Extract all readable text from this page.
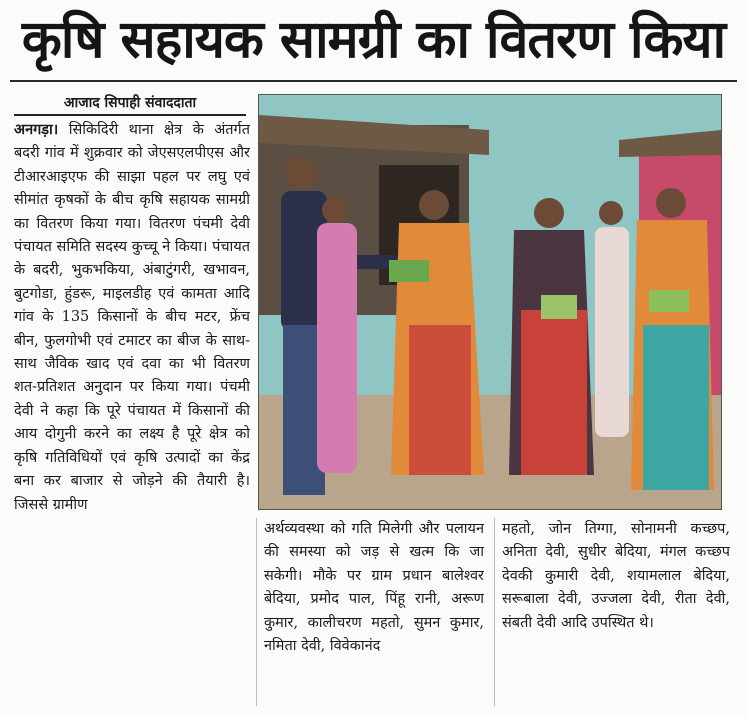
कृषि सहायक सामग्री का वितरण किया
आजाद सिपाही संवाददाता
अनगड़ा। सिकिदिरी थाना क्षेत्र के अंतर्गत बदरी गांव में शुक्रवार को जेएसएलपीएस और टीआरआइएफ की साझा पहल पर लघु एवं सीमांत कृषकों के बीच कृषि सहायक सामग्री का वितरण किया गया। वितरण पंचमी देवी पंचायत समिति सदस्य कुच्चू ने किया। पंचायत के बदरी, भुकभकिया, अंबाटुंगरी, खभावन, बुटगोडा, हुंडरू, माइलडीह एवं कामता आदि गांव के 135 किसानों के बीच मटर, फ्रेंच बीन, फुलगोभी एवं टमाटर का बीज के साथ-साथ जैविक खाद एवं दवा का भी वितरण शत-प्रतिशत अनुदान पर किया गया। पंचमी देवी ने कहा कि पूरे पंचायत में किसानों की आय दोगुनी करने का लक्ष्य है पूरे क्षेत्र को कृषि गतिविधियों एवं कृषि उत्पादों का केंद्र बना कर बाजार से जोड़ने की तैयारी है। जिससे ग्रामीण
अर्थव्यवस्था को गति मिलेगी और पलायन की समस्या को जड़ से खत्म कि जा सकेगी। मौके पर ग्राम प्रधान बालेश्वर बेदिया, प्रमोद पाल, पिंहू रानी, अरूण कुमार, कालीचरण महतो, सुमन कुमार, नमिता देवी, विवेकानंद
महतो, जोन तिग्गा, सोनामनी कच्छप, अनिता देवी, सुधीर बेदिया, मंगल कच्छप देवकी कुमारी देवी, शयामलाल बेदिया, सरूबाला देवी, उज्जला देवी, रीता देवी, संबती देवी आदि उपस्थित थे।
